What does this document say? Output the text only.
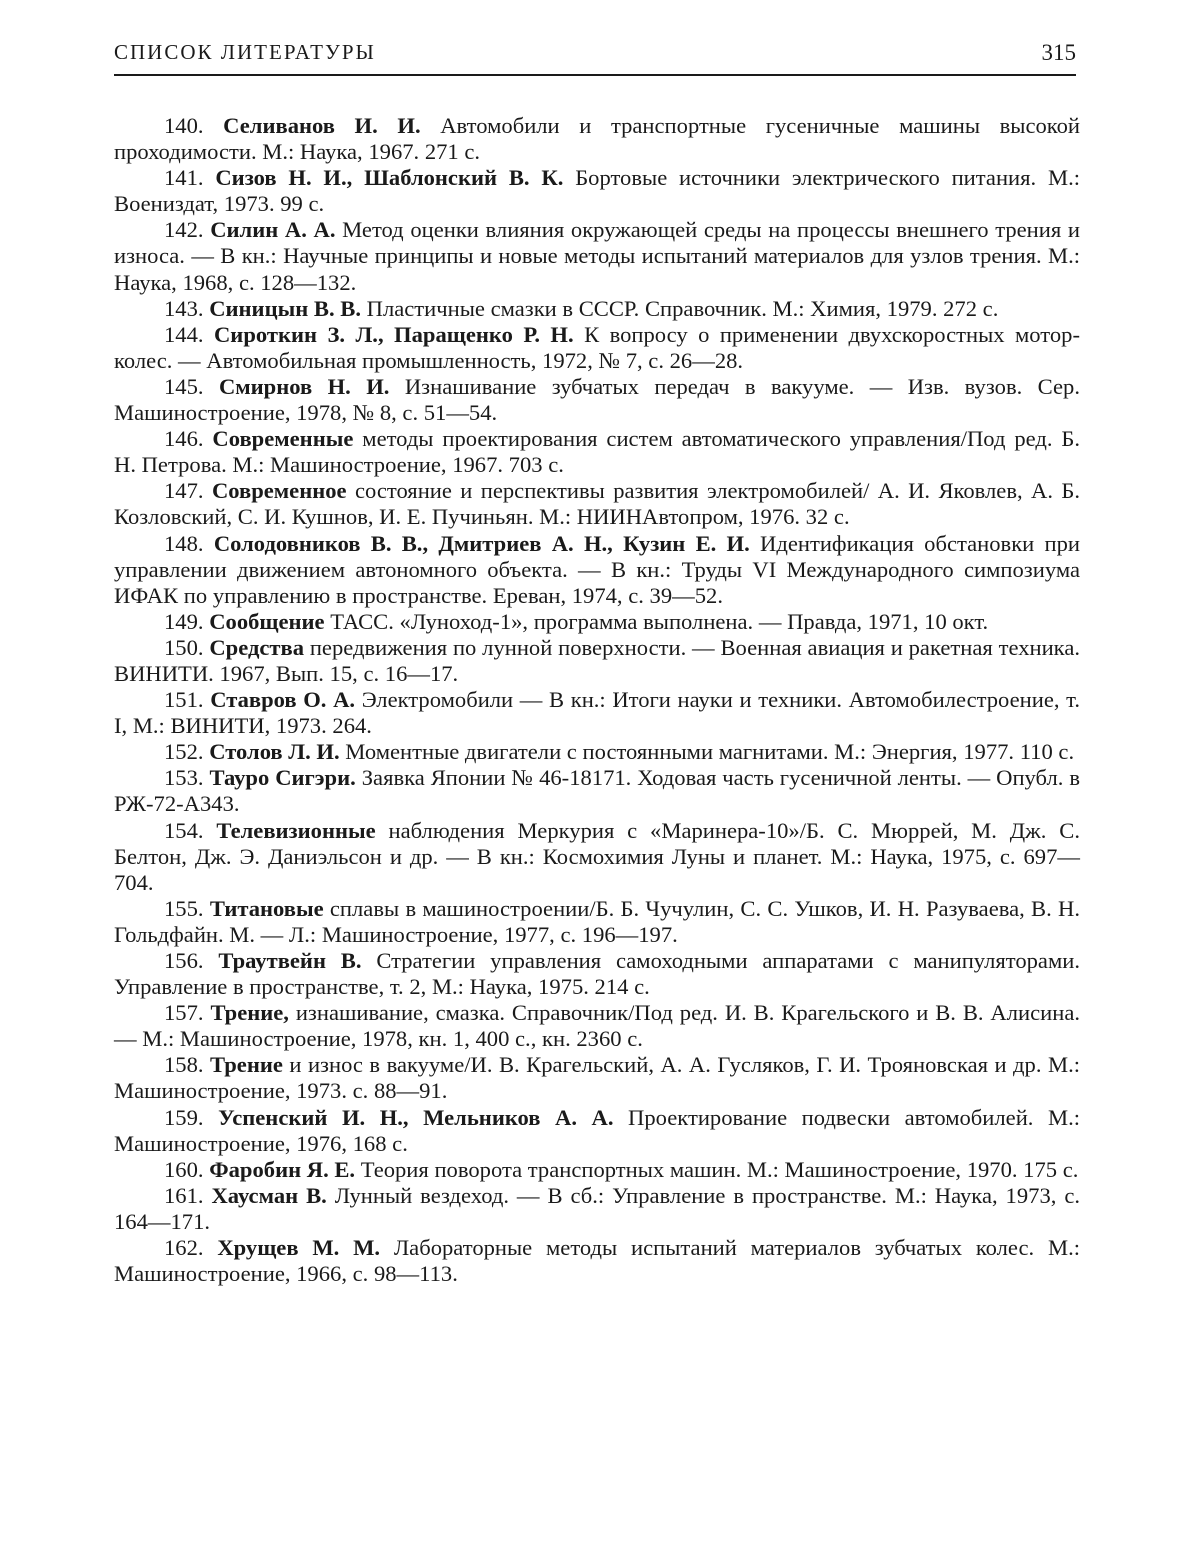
СПИСОК ЛИТЕРАТУРЫ	315
140. Селиванов И. И. Автомобили и транспортные гусеничные машины высокой проходимости. М.: Наука, 1967. 271 с.
141. Сизов Н. И., Шаблонский В. К. Бортовые источники электрического питания. М.: Воениздат, 1973. 99 с.
142. Силин А. А. Метод оценки влияния окружающей среды на процессы внешнего трения и износа. — В кн.: Научные принципы и новые методы испытаний материалов для узлов трения. М.: Наука, 1968, с. 128—132.
143. Синицын В. В. Пластичные смазки в СССР. Справочник. М.: Химия, 1979. 272 с.
144. Сироткин З. Л., Паращенко Р. Н. К вопросу о применении двухскоростных мотор-колес. — Автомобильная промышленность, 1972, № 7, с. 26—28.
145. Смирнов Н. И. Изнашивание зубчатых передач в вакууме. — Изв. вузов. Сер. Машиностроение, 1978, № 8, с. 51—54.
146. Современные методы проектирования систем автоматического управления/Под ред. Б. Н. Петрова. М.: Машиностроение, 1967. 703 с.
147. Современное состояние и перспективы развития электромобилей/ А. И. Яковлев, А. Б. Козловский, С. И. Кушнов, И. Е. Пучиньян. М.: НИИНАвтопром, 1976. 32 с.
148. Солодовников В. В., Дмитриев А. Н., Кузин Е. И. Идентификация обстановки при управлении движением автономного объекта. — В кн.: Труды VI Международного симпозиума ИФАК по управлению в пространстве. Ереван, 1974, с. 39—52.
149. Сообщение ТАСС. «Луноход-1», программа выполнена. — Правда, 1971, 10 окт.
150. Средства передвижения по лунной поверхности. — Военная авиация и ракетная техника. ВИНИТИ. 1967, Вып. 15, с. 16—17.
151. Ставров О. А. Электромобили — В кн.: Итоги науки и техники. Автомобилестроение, т. I, М.: ВИНИТИ, 1973. 264.
152. Столов Л. И. Моментные двигатели с постоянными магнитами. М.: Энергия, 1977. 110 с.
153. Тауро Сигэри. Заявка Японии № 46-18171. Ходовая часть гусеничной ленты. — Опубл. в РЖ-72-А343.
154. Телевизионные наблюдения Меркурия с «Маринера-10»/Б. С. Мюррей, М. Дж. С. Белтон, Дж. Э. Даниэльсон и др. — В кн.: Космохимия Луны и планет. М.: Наука, 1975, с. 697—704.
155. Титановые сплавы в машиностроении/Б. Б. Чучулин, С. С. Ушков, И. Н. Разуваева, В. Н. Гольдфайн. М. — Л.: Машиностроение, 1977, с. 196—197.
156. Траутвейн В. Стратегии управления самоходными аппаратами с манипуляторами. Управление в пространстве, т. 2, М.: Наука, 1975. 214 с.
157. Трение, изнашивание, смазка. Справочник/Под ред. И. В. Крагельского и В. В. Алисина. — М.: Машиностроение, 1978, кн. 1, 400 с., кн. 2360 с.
158. Трение и износ в вакууме/И. В. Крагельский, А. А. Гусляков, Г. И. Трояновская и др. М.: Машиностроение, 1973. с. 88—91.
159. Успенский И. Н., Мельников А. А. Проектирование подвески автомобилей. М.: Машиностроение, 1976, 168 с.
160. Фаробин Я. Е. Теория поворота транспортных машин. М.: Машиностроение, 1970. 175 с.
161. Хаусман В. Лунный вездеход. — В сб.: Управление в пространстве. М.: Наука, 1973, с. 164—171.
162. Хрущев М. М. Лабораторные методы испытаний материалов зубчатых колес. М.: Машиностроение, 1966, с. 98—113.
